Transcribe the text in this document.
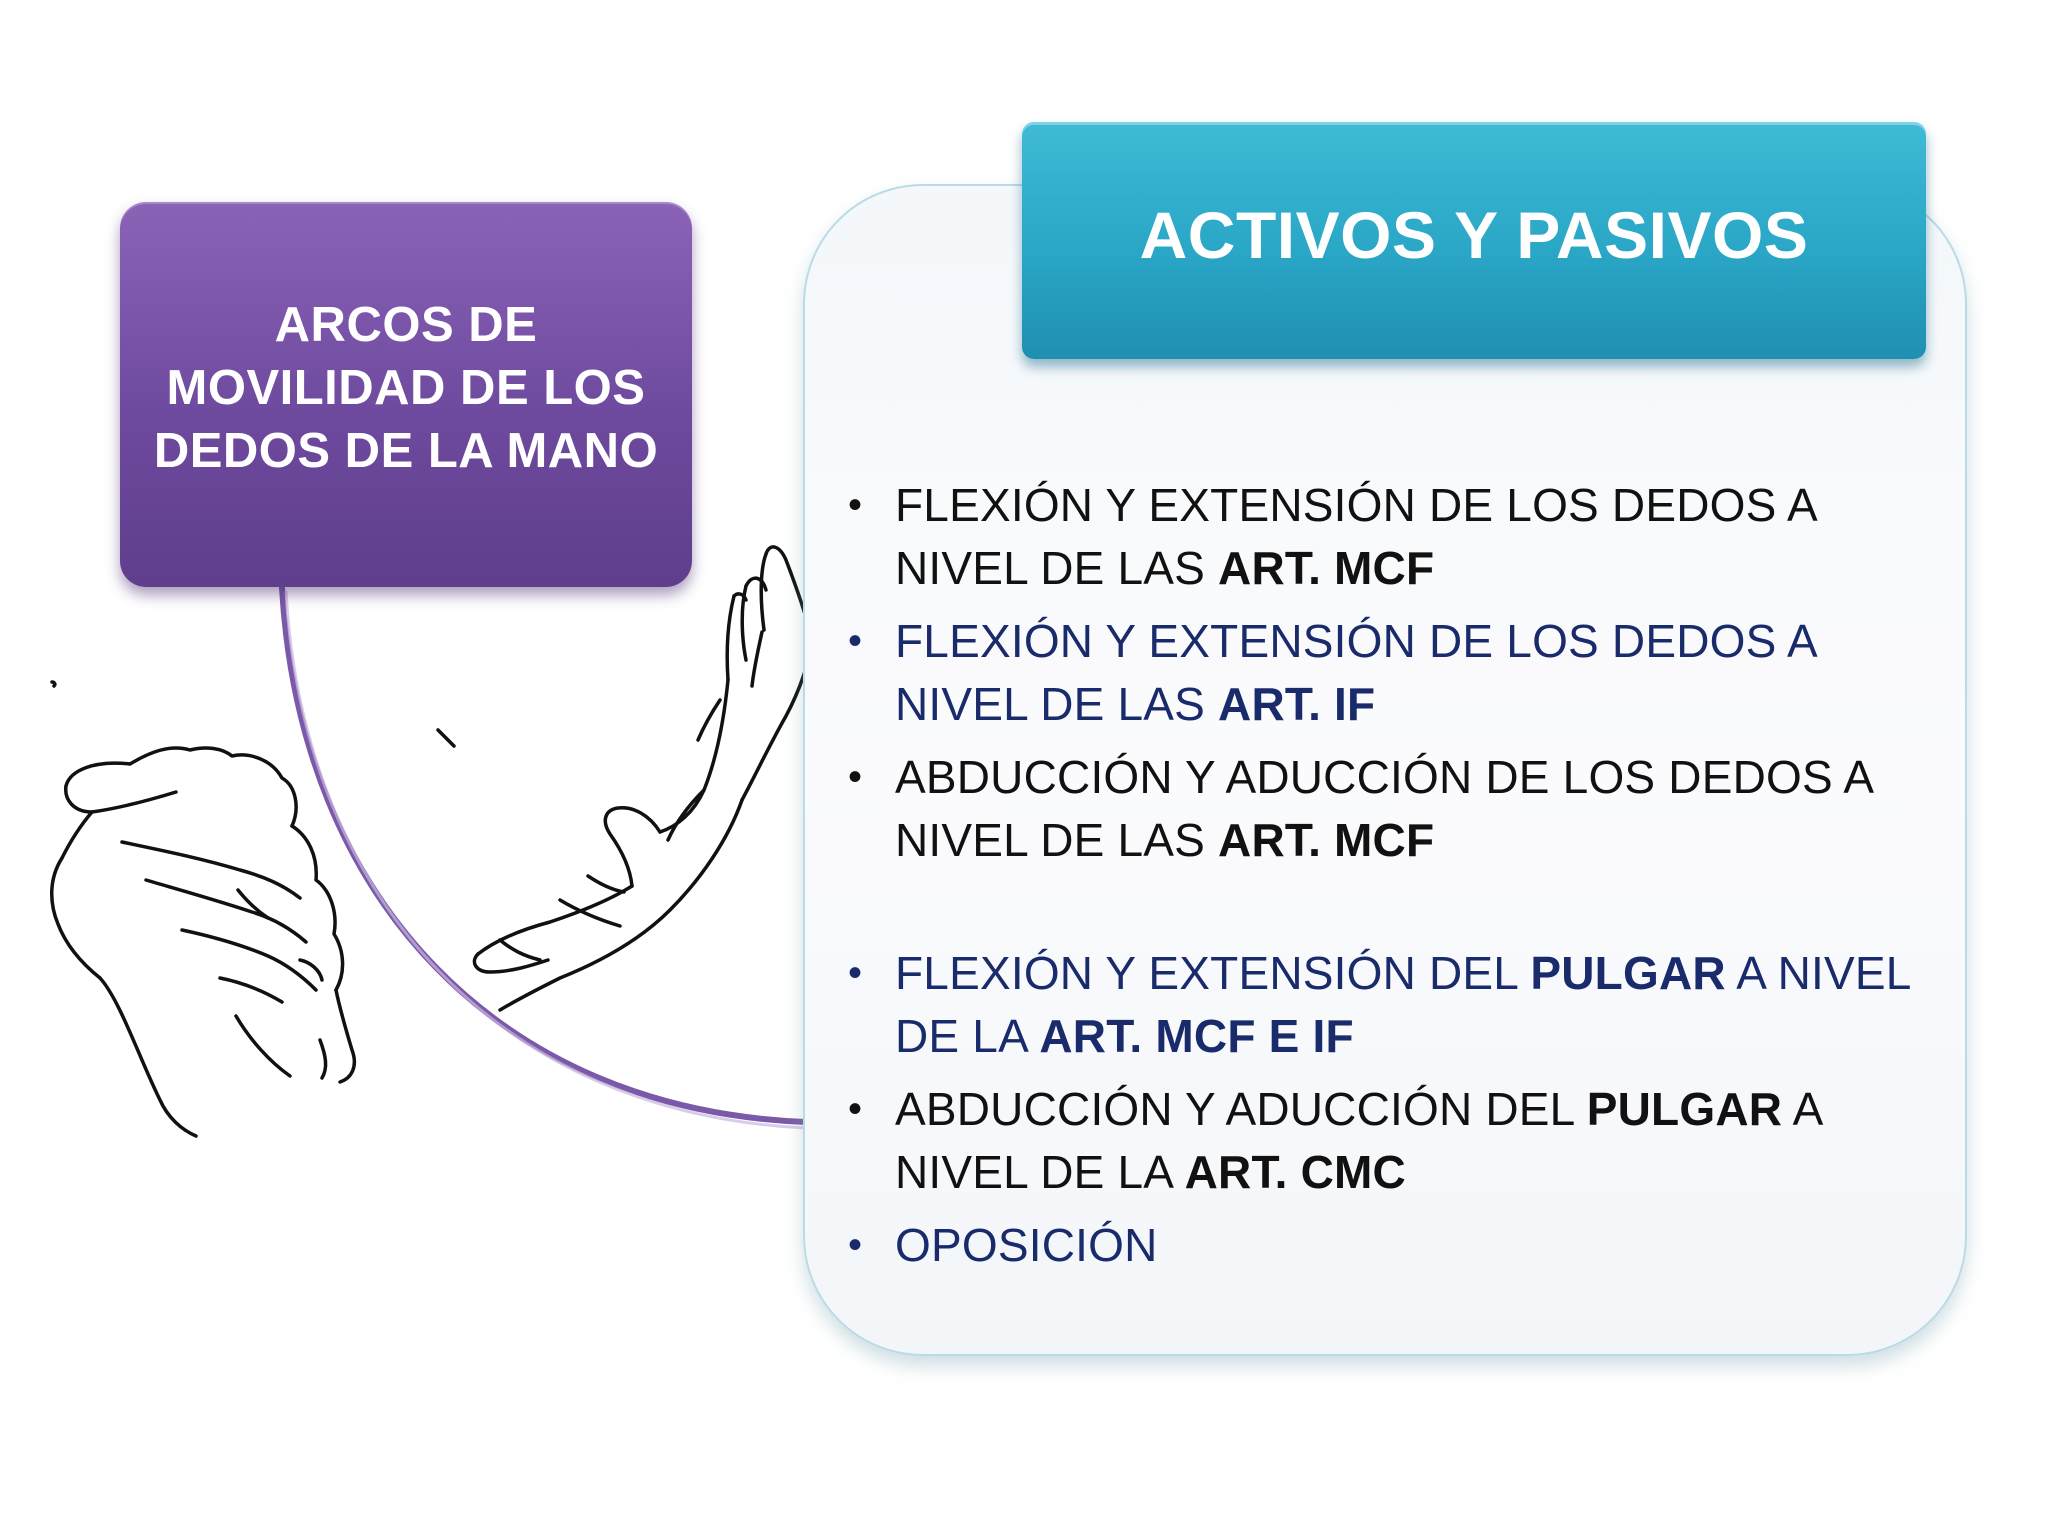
ARCOS DE MOVILIDAD DE LOS DEDOS DE LA MANO
ACTIVOS Y PASIVOS
• FLEXIÓN Y EXTENSIÓN DE LOS DEDOS A NIVEL DE LAS ART. MCF
• FLEXIÓN Y EXTENSIÓN DE LOS DEDOS A NIVEL DE LAS ART. IF
• ABDUCCIÓN Y ADUCCIÓN DE LOS DEDOS A NIVEL DE LAS ART. MCF
• FLEXIÓN Y EXTENSIÓN DEL PULGAR A NIVEL DE LA ART. MCF E IF
• ABDUCCIÓN Y ADUCCIÓN DEL PULGAR A NIVEL DE LA ART. CMC
• OPOSICIÓN
